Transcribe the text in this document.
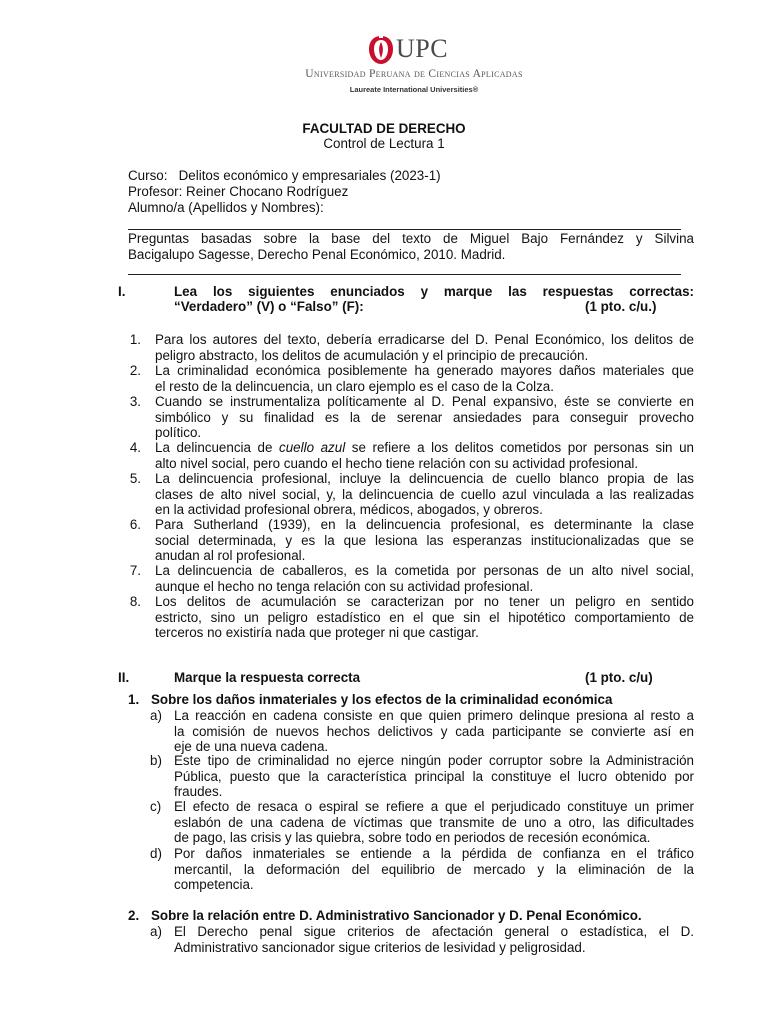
UPC
Universidad Peruana de Ciencias Aplicadas
Laureate International Universities®
FACULTAD DE DERECHO
Control de Lectura 1
Curso: Delitos económico y empresariales (2023-1)
Profesor: Reiner Chocano Rodríguez
Alumno/a (Apellidos y Nombres):
Preguntas basadas sobre la base del texto de Miguel Bajo Fernández y Silvina
Bacigalupo Sagesse, Derecho Penal Económico, 2010. Madrid.
I.	Lea los siguientes enunciados y marque las respuestas correctas:
“Verdadero” (V) o “Falso” (F):	(1 pto. c/u.)
1. Para los autores del texto, debería erradicarse del D. Penal Económico, los delitos de
peligro abstracto, los delitos de acumulación y el principio de precaución.
2. La criminalidad económica posiblemente ha generado mayores daños materiales que
el resto de la delincuencia, un claro ejemplo es el caso de la Colza.
3. Cuando se instrumentaliza políticamente al D. Penal expansivo, éste se convierte en
simbólico y su finalidad es la de serenar ansiedades para conseguir provecho
político.
4. La delincuencia de cuello azul se refiere a los delitos cometidos por personas sin un
alto nivel social, pero cuando el hecho tiene relación con su actividad profesional.
5. La delincuencia profesional, incluye la delincuencia de cuello blanco propia de las
clases de alto nivel social, y, la delincuencia de cuello azul vinculada a las realizadas
en la actividad profesional obrera, médicos, abogados, y obreros.
6. Para Sutherland (1939), en la delincuencia profesional, es determinante la clase
social determinada, y es la que lesiona las esperanzas institucionalizadas que se
anudan al rol profesional.
7. La delincuencia de caballeros, es la cometida por personas de un alto nivel social,
aunque el hecho no tenga relación con su actividad profesional.
8. Los delitos de acumulación se caracterizan por no tener un peligro en sentido
estricto, sino un peligro estadístico en el que sin el hipotético comportamiento de
terceros no existiría nada que proteger ni que castigar.
II.	Marque la respuesta correcta	(1 pto. c/u)
1. Sobre los daños inmateriales y los efectos de la criminalidad económica
a) La reacción en cadena consiste en que quien primero delinque presiona al resto a
la comisión de nuevos hechos delictivos y cada participante se convierte así en
eje de una nueva cadena.
b) Este tipo de criminalidad no ejerce ningún poder corruptor sobre la Administración
Pública, puesto que la característica principal la constituye el lucro obtenido por
fraudes.
c) El efecto de resaca o espiral se refiere a que el perjudicado constituye un primer
eslabón de una cadena de víctimas que transmite de uno a otro, las dificultades
de pago, las crisis y las quiebra, sobre todo en periodos de recesión económica.
d) Por daños inmateriales se entiende a la pérdida de confianza en el tráfico
mercantil, la deformación del equilibrio de mercado y la eliminación de la
competencia.
2. Sobre la relación entre D. Administrativo Sancionador y D. Penal Económico.
a) El Derecho penal sigue criterios de afectación general o estadística, el D.
Administrativo sancionador sigue criterios de lesividad y peligrosidad.
